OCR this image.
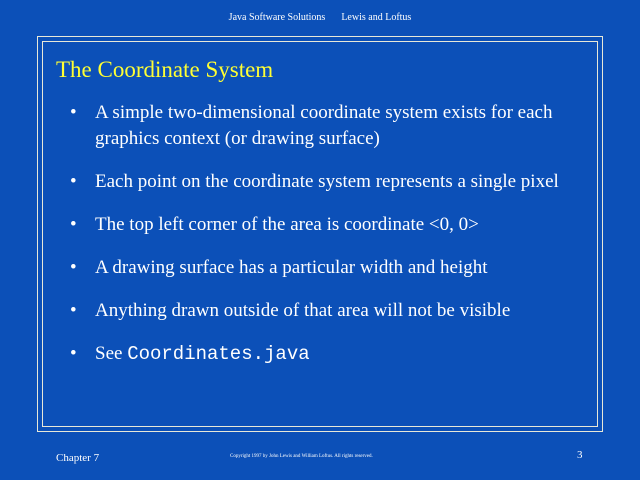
Java Software Solutions Lewis and Loftus
The Coordinate System
• A simple two-dimensional coordinate system exists for each graphics context (or drawing surface)
• Each point on the coordinate system represents a single pixel
• The top left corner of the area is coordinate <0, 0>
• A drawing surface has a particular width and height
• Anything drawn outside of that area will not be visible
• See Coordinates.java
Chapter 7	Copyright 1997 by John Lewis and William Loftus. All rights reserved.	3
